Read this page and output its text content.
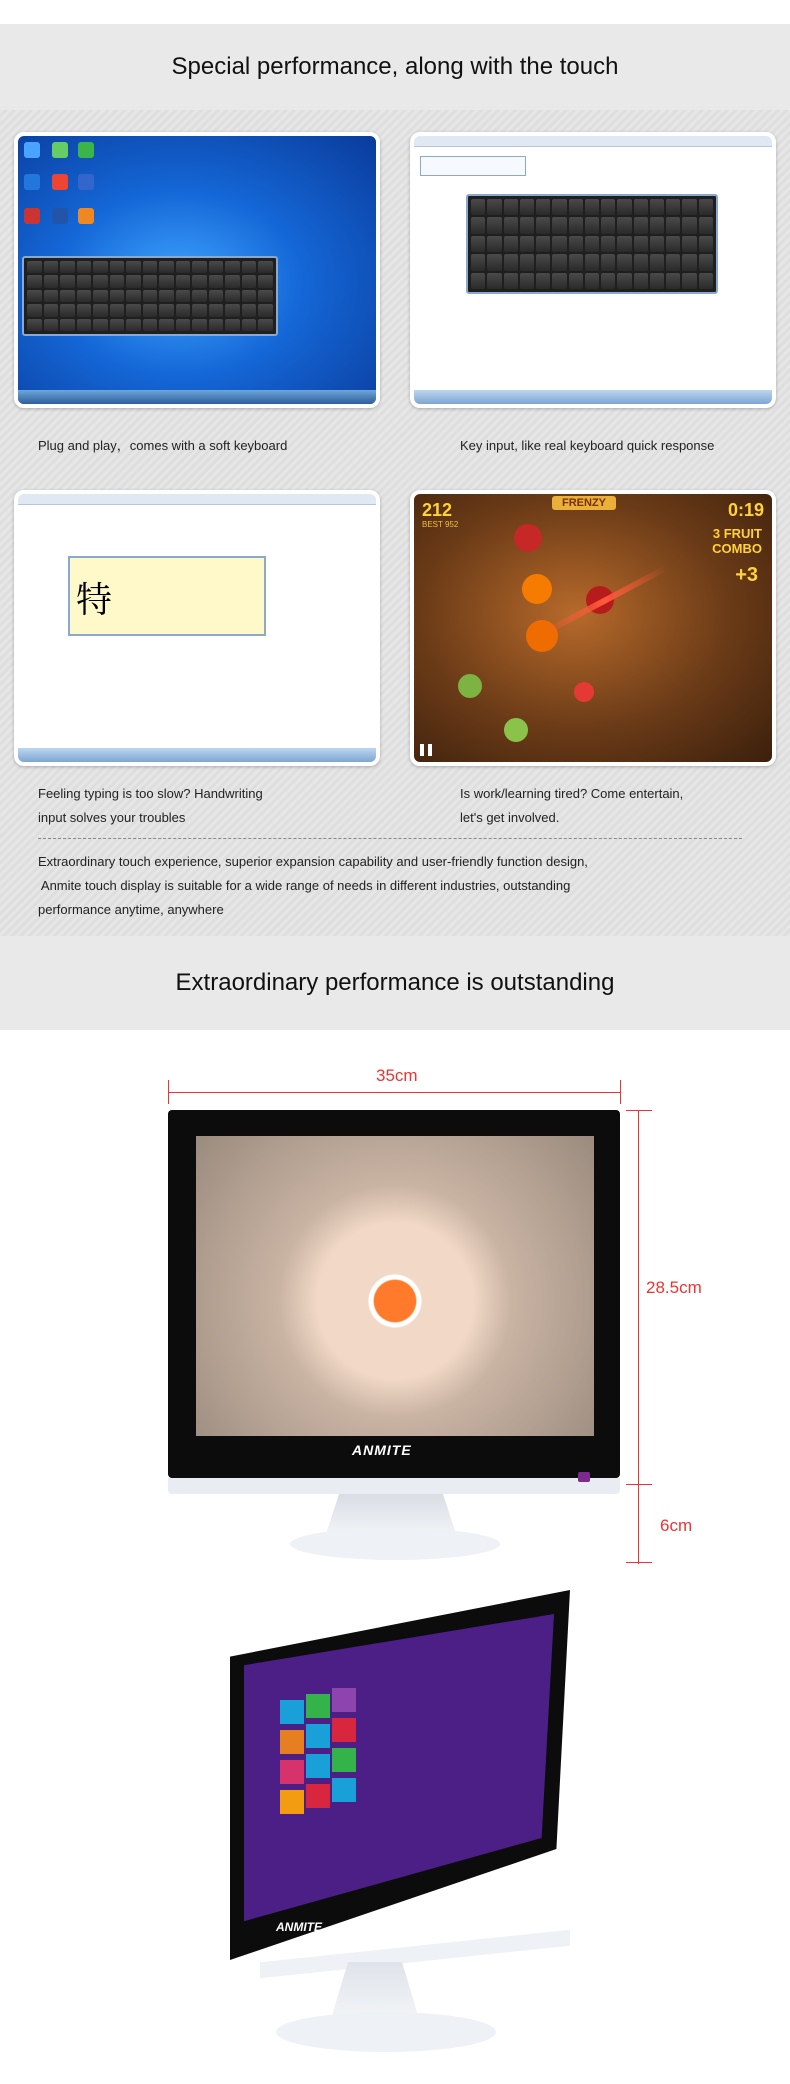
Special performance, along with the touch
Plug and play，comes with a soft keyboard	Key input, like real keyboard quick response
特
212
BEST 952
FRENZY	0:19
3 FRUIT COMBO
+3
Feeling typing is too slow? Handwriting
input solves your troubles
Is work/learning tired? Come entertain,
let's get involved.
Extraordinary touch experience, superior expansion capability and user-friendly function design,
Anmite touch display is suitable for a wide range of needs in different industries, outstanding
performance anytime, anywhere
Extraordinary performance is outstanding
35cm
28.5cm
6cm
ANMITE
ANMITE
